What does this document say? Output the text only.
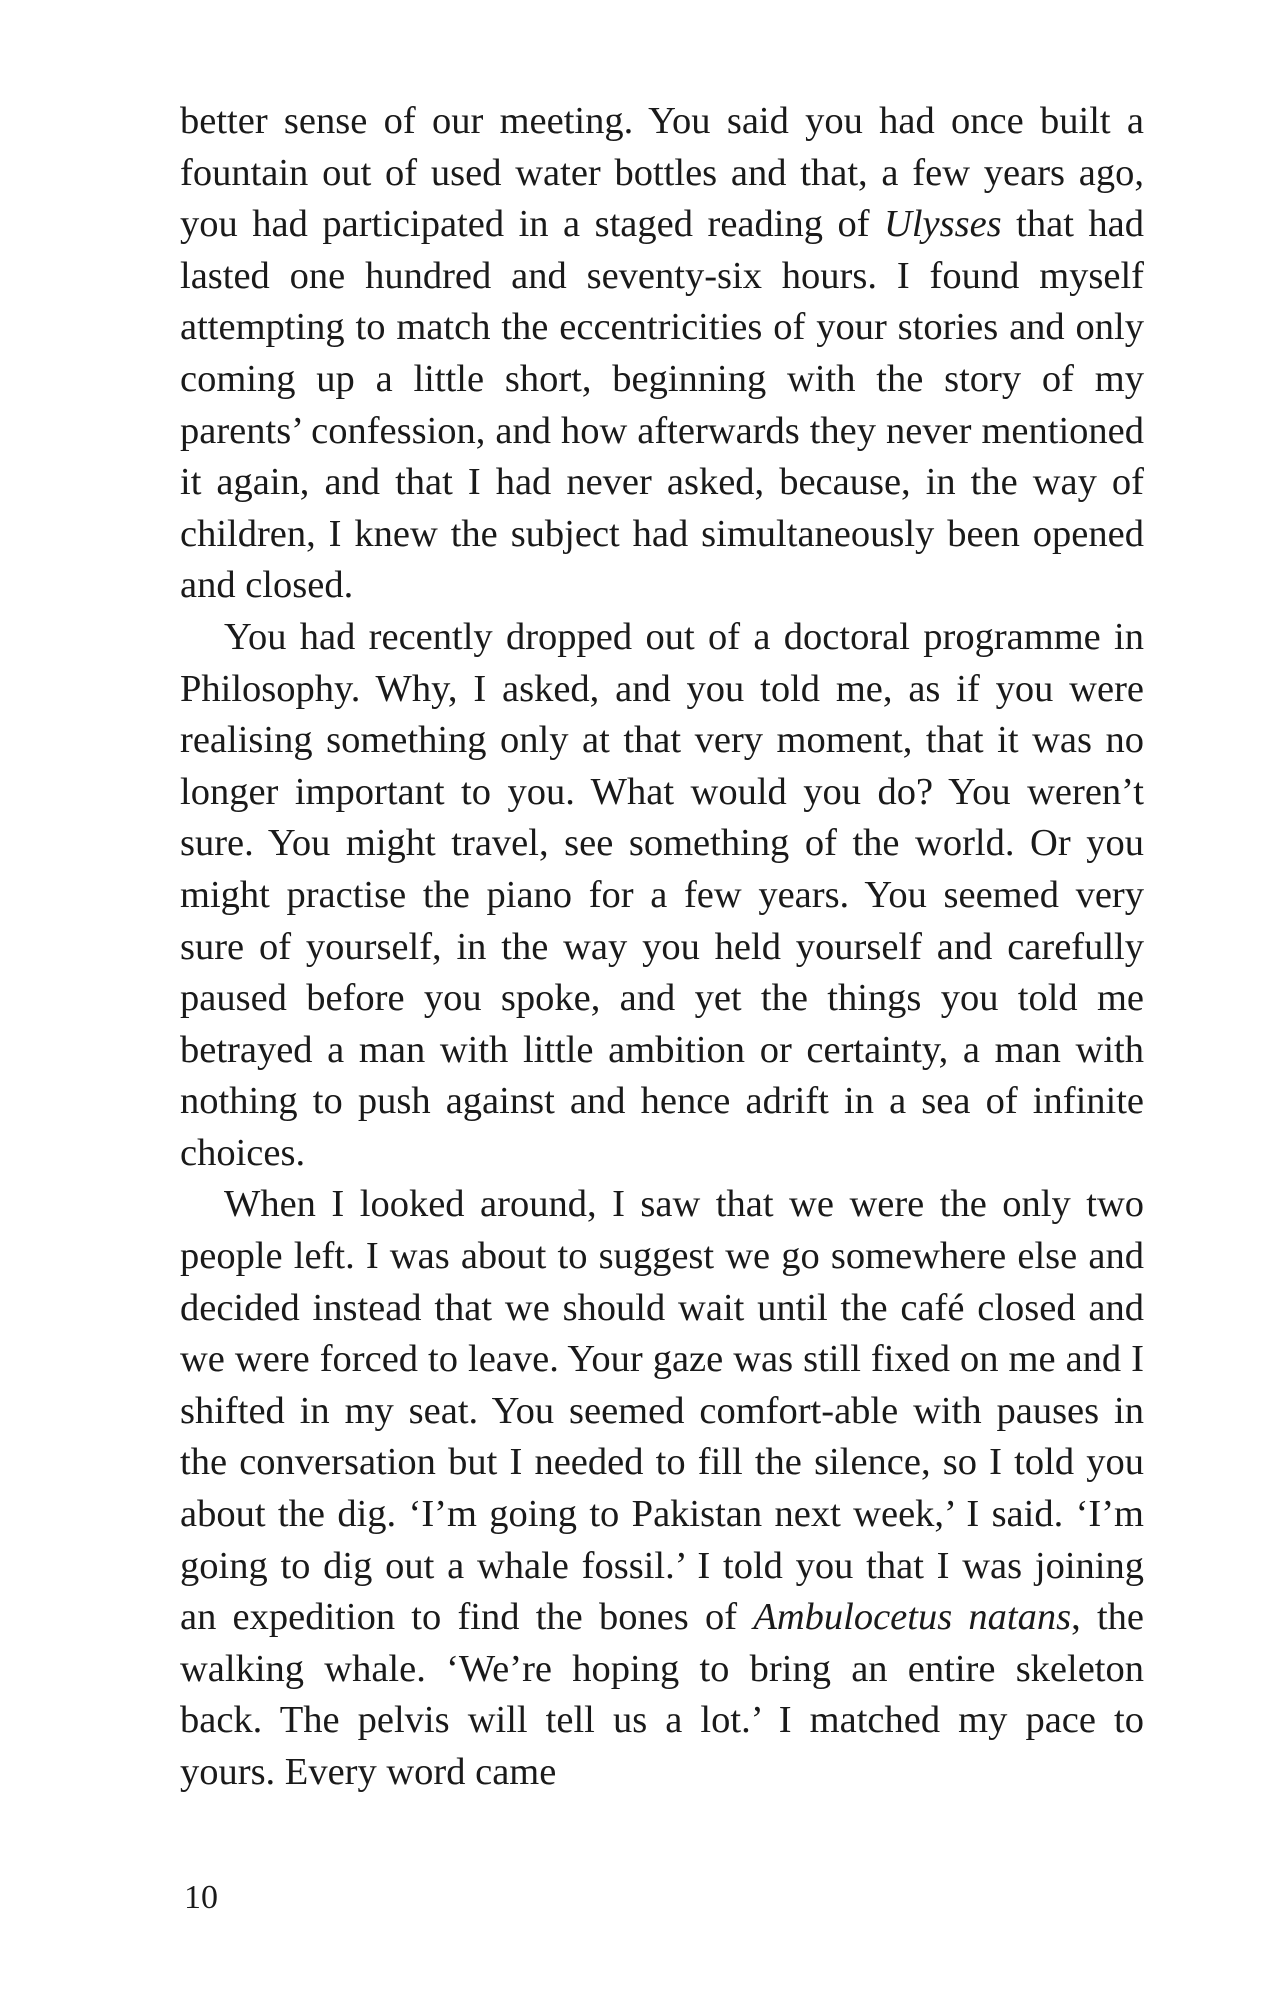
better sense of our meeting. You said you had once built a fountain out of used water bottles and that, a few years ago, you had participated in a staged reading of Ulysses that had lasted one hundred and seventy-six hours. I found myself attempting to match the eccentricities of your stories and only coming up a little short, beginning with the story of my parents’ confession, and how afterwards they never mentioned it again, and that I had never asked, because, in the way of children, I knew the subject had simultaneously been opened and closed.

You had recently dropped out of a doctoral programme in Philosophy. Why, I asked, and you told me, as if you were realising something only at that very moment, that it was no longer important to you. What would you do? You weren’t sure. You might travel, see something of the world. Or you might practise the piano for a few years. You seemed very sure of yourself, in the way you held yourself and carefully paused before you spoke, and yet the things you told me betrayed a man with little ambition or certainty, a man with nothing to push against and hence adrift in a sea of infinite choices.

When I looked around, I saw that we were the only two people left. I was about to suggest we go somewhere else and decided instead that we should wait until the café closed and we were forced to leave. Your gaze was still fixed on me and I shifted in my seat. You seemed comfort-able with pauses in the conversation but I needed to fill the silence, so I told you about the dig. ‘I’m going to Pakistan next week,’ I said. ‘I’m going to dig out a whale fossil.’ I told you that I was joining an expedition to find the bones of Ambulocetus natans, the walking whale. ‘We’re hoping to bring an entire skeleton back. The pelvis will tell us a lot.’ I matched my pace to yours. Every word came

10
